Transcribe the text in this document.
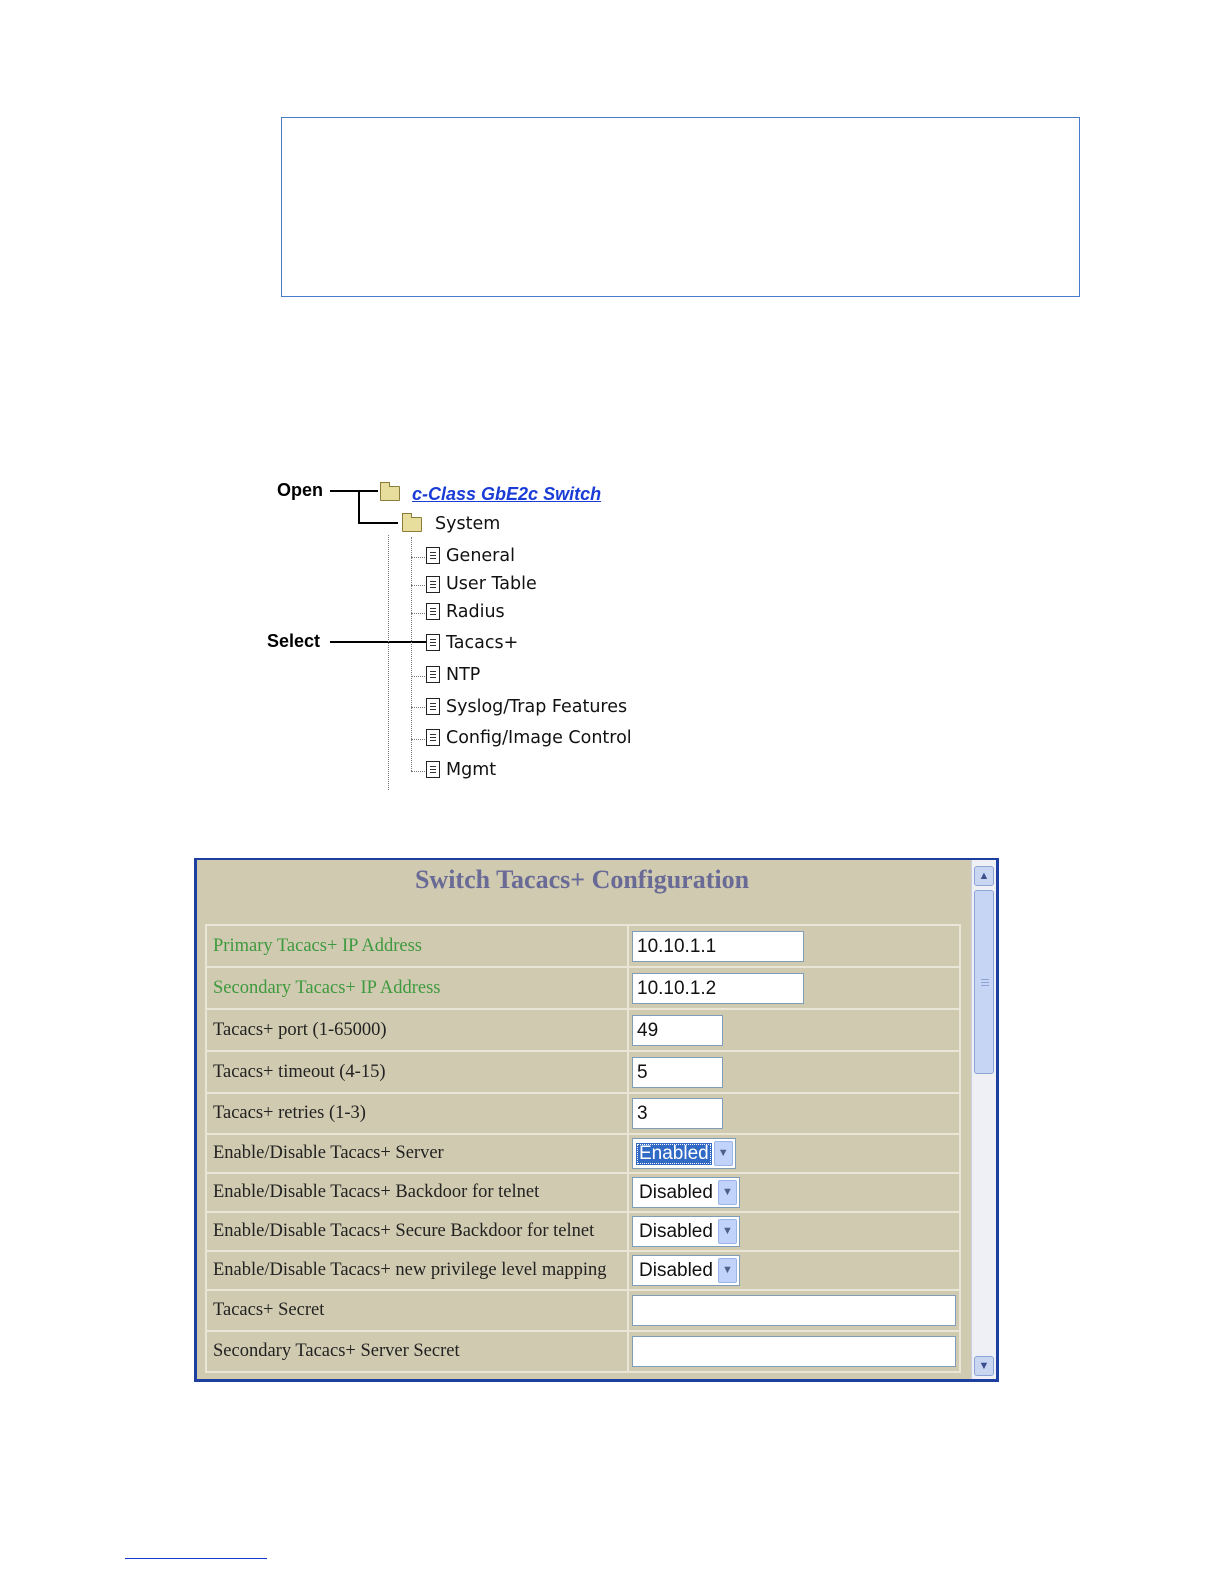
Open
Select
c-Class GbE2c Switch
System
General
User Table
Radius
Tacacs+
NTP
Syslog/Trap Features
Config/Image Control
Mgmt
Switch Tacacs+ Configuration
Primary Tacacs+ IP Address	10.10.1.1
Secondary Tacacs+ IP Address	10.10.1.2
Tacacs+ port (1-65000)	49
Tacacs+ timeout (4-15)	5
Tacacs+ retries (1-3)	3
Enable/Disable Tacacs+ Server	Enabled ▼

Enable/Disable Tacacs+ Backdoor for telnet	Disabled ▼

Enable/Disable Tacacs+ Secure Backdoor for telnet	Disabled ▼

Enable/Disable Tacacs+ new privilege level mapping	Disabled ▼

Tacacs+ Secret	
Secondary Tacacs+ Server Secret	
▲
▼
